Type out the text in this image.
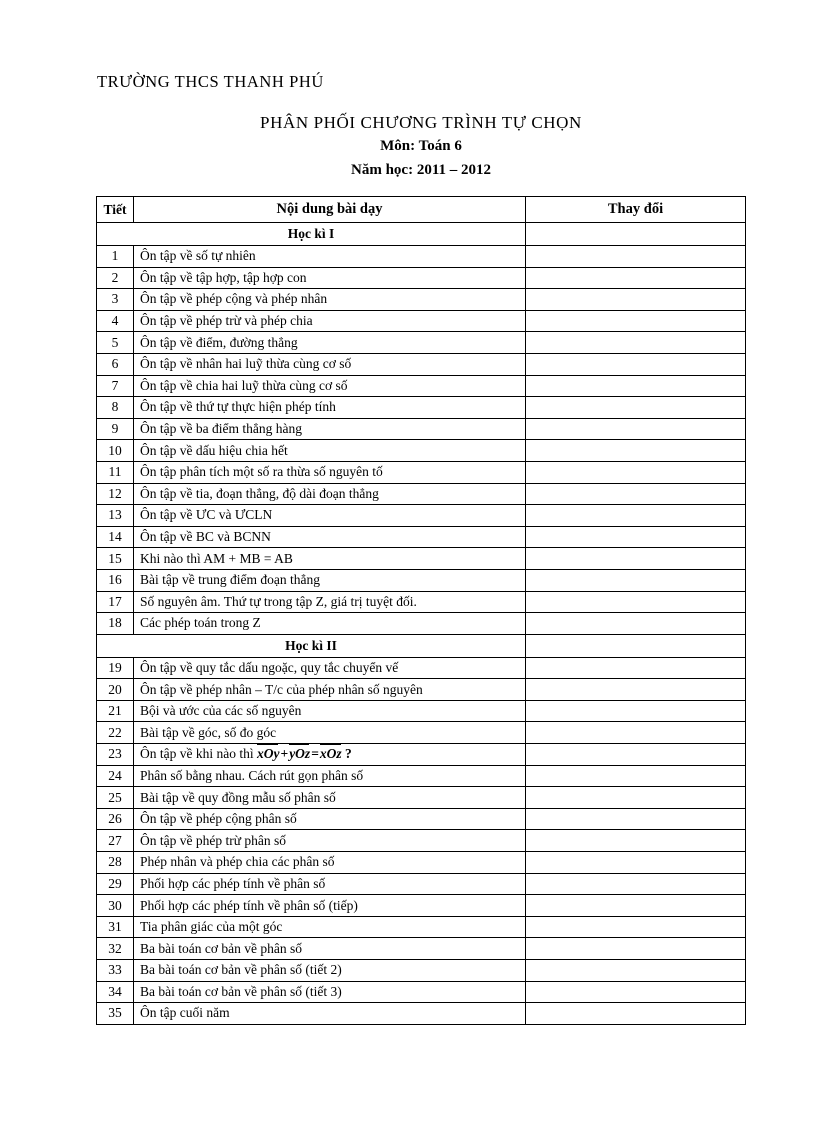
TRƯỜNG THCS THANH PHÚ
PHÂN PHỐI CHƯƠNG TRÌNH TỰ CHỌN
Môn: Toán 6
Năm học: 2011 – 2012
Tiết	Nội dung bài dạy	Thay đổi
Học kì I		
1	Ôn tập về số tự nhiên	
2	Ôn tập về tập hợp, tập hợp con	
3	Ôn tập về phép cộng và phép nhân	
4	Ôn tập về phép trừ và phép chia	
5	Ôn tập về điểm, đường thẳng	
6	Ôn tập về nhân hai luỹ thừa cùng cơ số	
7	Ôn tập về chia hai luỹ thừa cùng cơ số	
8	Ôn tập về thứ tự thực hiện phép tính	
9	Ôn tập về ba điểm thẳng hàng	
10	Ôn tập về dấu hiệu chia hết	
11	Ôn tập phân tích một số ra thừa số nguyên tố	
12	Ôn tập về tia, đoạn thẳng, độ dài đoạn thẳng	
13	Ôn tập về ƯC và ƯCLN	
14	Ôn tập về BC và BCNN	
15	Khi nào thì AM + MB = AB	
16	Bài tập về trung điểm đoạn thẳng	
17	Số nguyên âm. Thứ tự trong tập Z, giá trị tuyệt đối.	
18	Các phép toán trong Z	
Học kì II		
19	Ôn tập về quy tắc dấu ngoặc, quy tắc chuyển vế	
20	Ôn tập về phép nhân – T/c của phép nhân số nguyên	
21	Bội và ước của các số nguyên	
22	Bài tập về góc, số đo góc	
23	Ôn tập về khi nào thì xOy+yOz=xOz ?	
24	Phân số bằng nhau. Cách rút gọn phân số	
25	Bài tập về quy đồng mẫu số phân số	
26	Ôn tập về phép cộng phân số	
27	Ôn tập về phép trừ phân số	
28	Phép nhân và phép chia các phân số	
29	Phối hợp các phép tính về phân số	
30	Phối hợp các phép tính về phân số (tiếp)	
31	Tia phân giác của một góc	
32	Ba bài toán cơ bản về phân số	
33	Ba bài toán cơ bản về phân số (tiết 2)	
34	Ba bài toán cơ bản về phân số (tiết 3)	
35	Ôn tập cuối năm	
